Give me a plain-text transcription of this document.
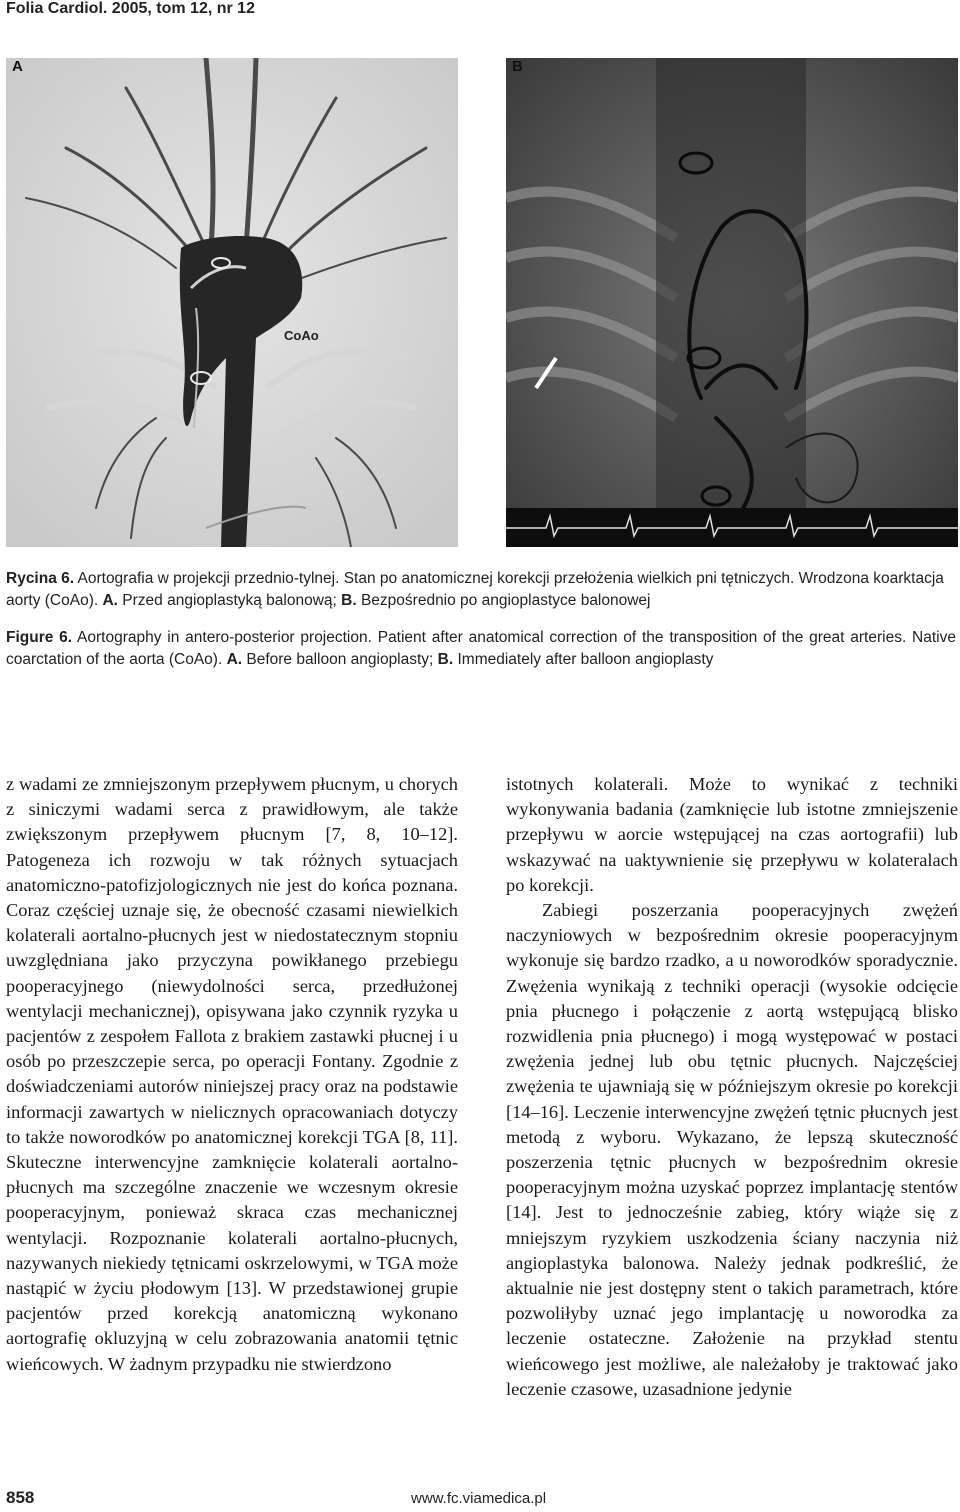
Folia Cardiol. 2005, tom 12, nr 12
A
CoAo
B

Rycina 6. Aortografia w projekcji przednio-tylnej. Stan po anatomicznej korekcji przełożenia wielkich pni tętniczych. Wrodzona koarktacja aorty (CoAo). A. Przed angioplastyką balonową; B. Bezpośrednio po angioplastyce balonowej

Figure 6. Aortography in antero-posterior projection. Patient after anatomical correction of the transposition of the great arteries. Native coarctation of the aorta (CoAo). A. Before balloon angioplasty; B. Immediately after balloon angioplasty

z wadami ze zmniejszonym przepływem płucnym, u chorych z siniczymi wadami serca z prawidłowym, ale także zwiększonym przepływem płucnym [7, 8, 10–12]. Patogeneza ich rozwoju w tak różnych sytuacjach anatomiczno-patofizjologicznych nie jest do końca poznana. Coraz częściej uznaje się, że obecność czasami niewielkich kolaterali aortalno-płucnych jest w niedostatecznym stopniu uwzględniana jako przyczyna powikłanego przebiegu pooperacyjnego (niewydolności serca, przedłużonej wentylacji mechanicznej), opisywana jako czynnik ryzyka u pacjentów z zespołem Fallota z brakiem zastawki płucnej i u osób po przeszczepie serca, po operacji Fontany. Zgodnie z doświadczeniami autorów niniejszej pracy oraz na podstawie informacji zawartych w nielicznych opracowaniach dotyczy to także noworodków po anatomicznej korekcji TGA [8, 11]. Skuteczne interwencyjne zamknięcie kolaterali aortalno-płucnych ma szczególne znaczenie we wczesnym okresie pooperacyjnym, ponieważ skraca czas mechanicznej wentylacji. Rozpoznanie kolaterali aortalno-płucnych, nazywanych niekiedy tętnicami oskrzelowymi, w TGA może nastąpić w życiu płodowym [13]. W przedstawionej grupie pacjentów przed korekcją anatomiczną wykonano aortografię okluzyjną w celu zobrazowania anatomii tętnic wieńcowych. W żadnym przypadku nie stwierdzono

istotnych kolaterali. Może to wynikać z techniki wykonywania badania (zamknięcie lub istotne zmniejszenie przepływu w aorcie wstępującej na czas aortografii) lub wskazywać na uaktywnienie się przepływu w kolateralach po korekcji.

Zabiegi poszerzania pooperacyjnych zwężeń naczyniowych w bezpośrednim okresie pooperacyjnym wykonuje się bardzo rzadko, a u noworodków sporadycznie. Zwężenia wynikają z techniki operacji (wysokie odcięcie pnia płucnego i połączenie z aortą wstępującą blisko rozwidlenia pnia płucnego) i mogą występować w postaci zwężenia jednej lub obu tętnic płucnych. Najczęściej zwężenia te ujawniają się w późniejszym okresie po korekcji [14–16]. Leczenie interwencyjne zwężeń tętnic płucnych jest metodą z wyboru. Wykazano, że lepszą skuteczność poszerzenia tętnic płucnych w bezpośrednim okresie pooperacyjnym można uzyskać poprzez implantację stentów [14]. Jest to jednocześnie zabieg, który wiąże się z mniejszym ryzykiem uszkodzenia ściany naczynia niż angioplastyka balonowa. Należy jednak podkreślić, że aktualnie nie jest dostępny stent o takich parametrach, które pozwoliłyby uznać jego implantację u noworodka za leczenie ostateczne. Założenie na przykład stentu wieńcowego jest możliwe, ale należałoby je traktować jako leczenie czasowe, uzasadnione jedynie

858	www.fc.viamedica.pl
